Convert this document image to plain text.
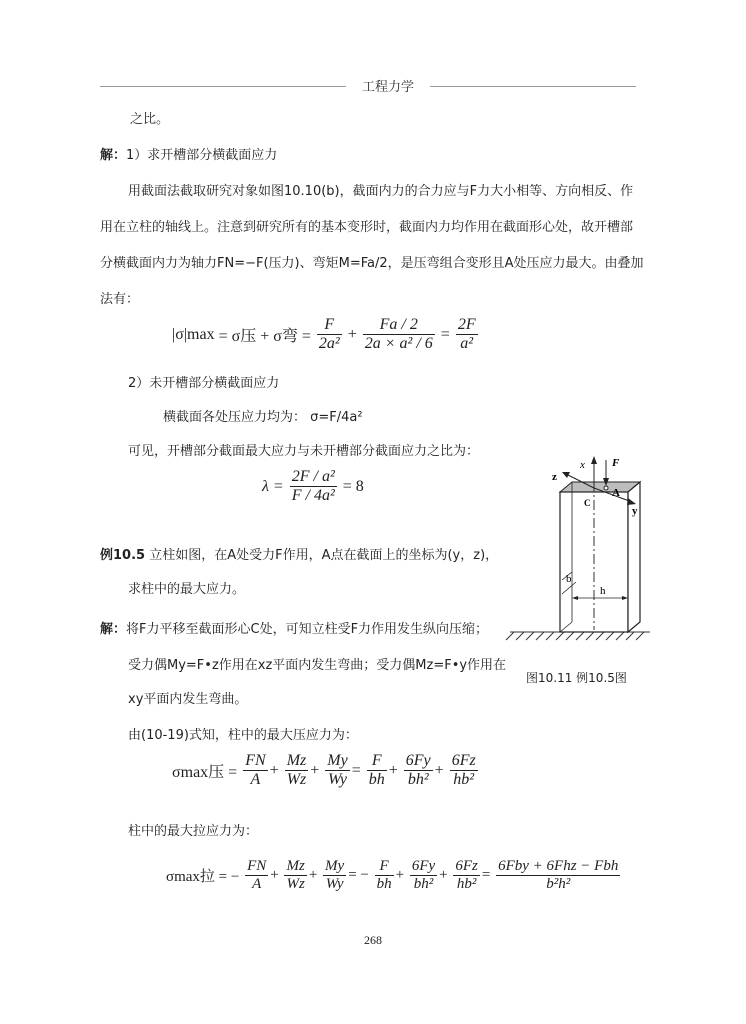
工程力学
之比。
解：1）求开槽部分横截面应力
用截面法截取研究对象如图10.10(b)，截面内力的合力应与F力大小相等、方向相反、作
用在立柱的轴线上。注意到研究所有的基本变形时，截面内力均作用在截面形心处，故开槽部
分横截面内力为轴力FN=−F(压力)、弯矩M=Fa/2，是压弯组合变形且A处压应力最大。由叠加
法有：
|σ|max = σ压 + σ弯 = $\frac{F}{\text{2a²}} + \frac{Fa / 2}{\text{2a × a² / 6}} = \frac{2F}{\text{a²}}$
2）未开槽部分横截面应力
横截面各处压应力均为： σ=F/4a²
可见，开槽部分截面最大应力与未开槽部分截面应力之比为：
$\lambda = \frac{\text{2F / a²}}{\text{F / 4a²}} = 8$
例10.5 立柱如图，在A处受力F作用，A点在截面上的坐标为(y，z)，
求柱中的最大应力。
解：将F力平移至截面形心C处，可知立柱受F力作用发生纵向压缩；
受力偶My=F•z作用在xz平面内发生弯曲；受力偶Mz=F•y作用在
xy平面内发生弯曲。
由(10-19)式知，柱中的最大压应力为：
x F
z
A
C
y
b
h
图10.11 例10.5图
σmax压 = $\frac{FN}{A} + \frac{Mz}{Wz} + \frac{My}{Wy} = \frac{F}{bh} + \frac{6Fy}{\text{bh²}} + \frac{6Fz}{\text{hb²}}$
柱中的最大拉应力为：
σmax拉 = − $\frac{FN}{A} + \frac{Mz}{Wz} + \frac{My}{Wy}$ = − $\frac{F}{bh} + \frac{6Fy}{\text{bh²}} + \frac{6Fz}{\text{hb²}} = \frac{\text{6Fby + 6Fhz − Fbh}}{\text{b²h²}}$
268
